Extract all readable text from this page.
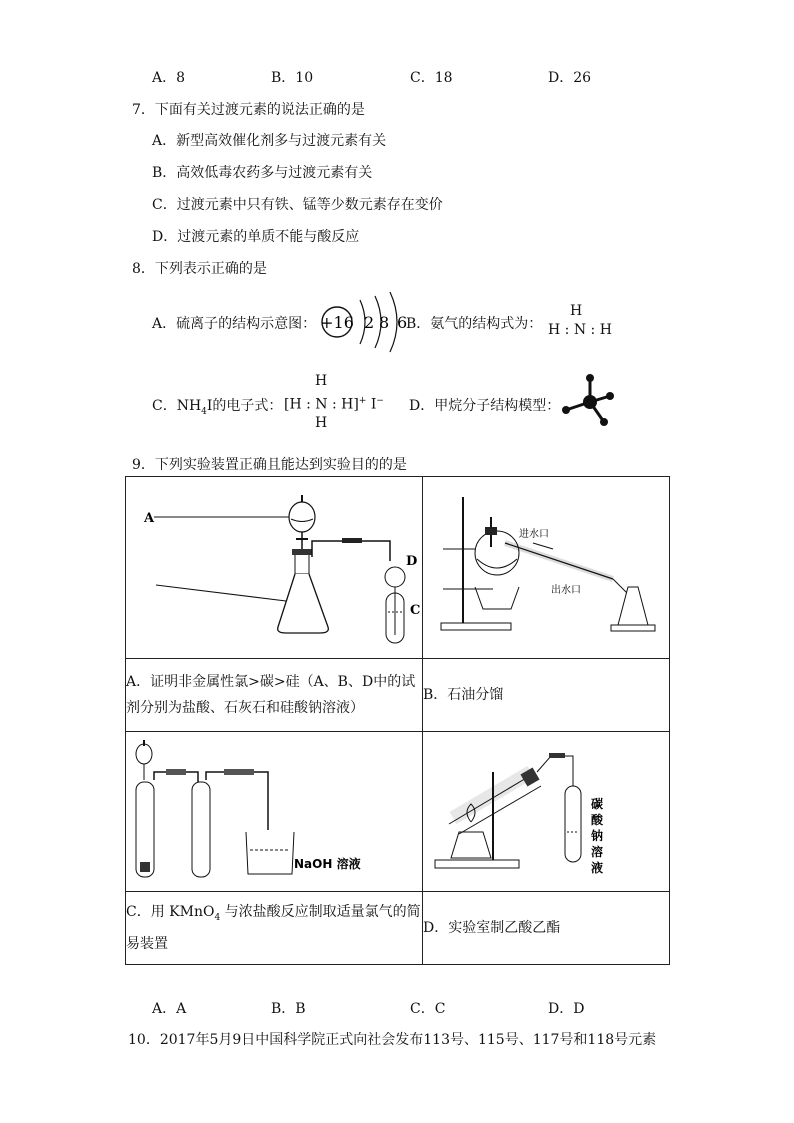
A．8	B．10	C．18	D．26
7．下面有关过渡元素的说法正确的是
A．新型高效催化剂多与过渡元素有关
B．高效低毒农药多与过渡元素有关
C．过渡元素中只有铁、锰等少数元素存在变价
D．过渡元素的单质不能与酸反应
8．下列表示正确的是
A．硫离子的结构示意图： +16 2 8 6
B．氨气的结构式为：
H
H : N : H
C．$NH_4I$的电子式：
H
[H : N : H]+ I−
H
D．甲烷分子结构模型：
9．下列实验装置正确且能达到实验目的的是
A
D
C	进水口
出水口

A．证明非金属性氯>碳>硅（A、B、D中的试剂分别为盐酸、石灰石和硅酸钠溶液）	B．石油分馏

NaOH 溶液	碳
酸
钠
溶
液

C．用 KMnO$_4$ 与浓盐酸反应制取适量氯气的简易装置	D．实验室制乙酸乙酯
A．A	B．B	C．C	D．D
10．2017年5月9日中国科学院正式向社会发布113号、115号、117号和118号元素
